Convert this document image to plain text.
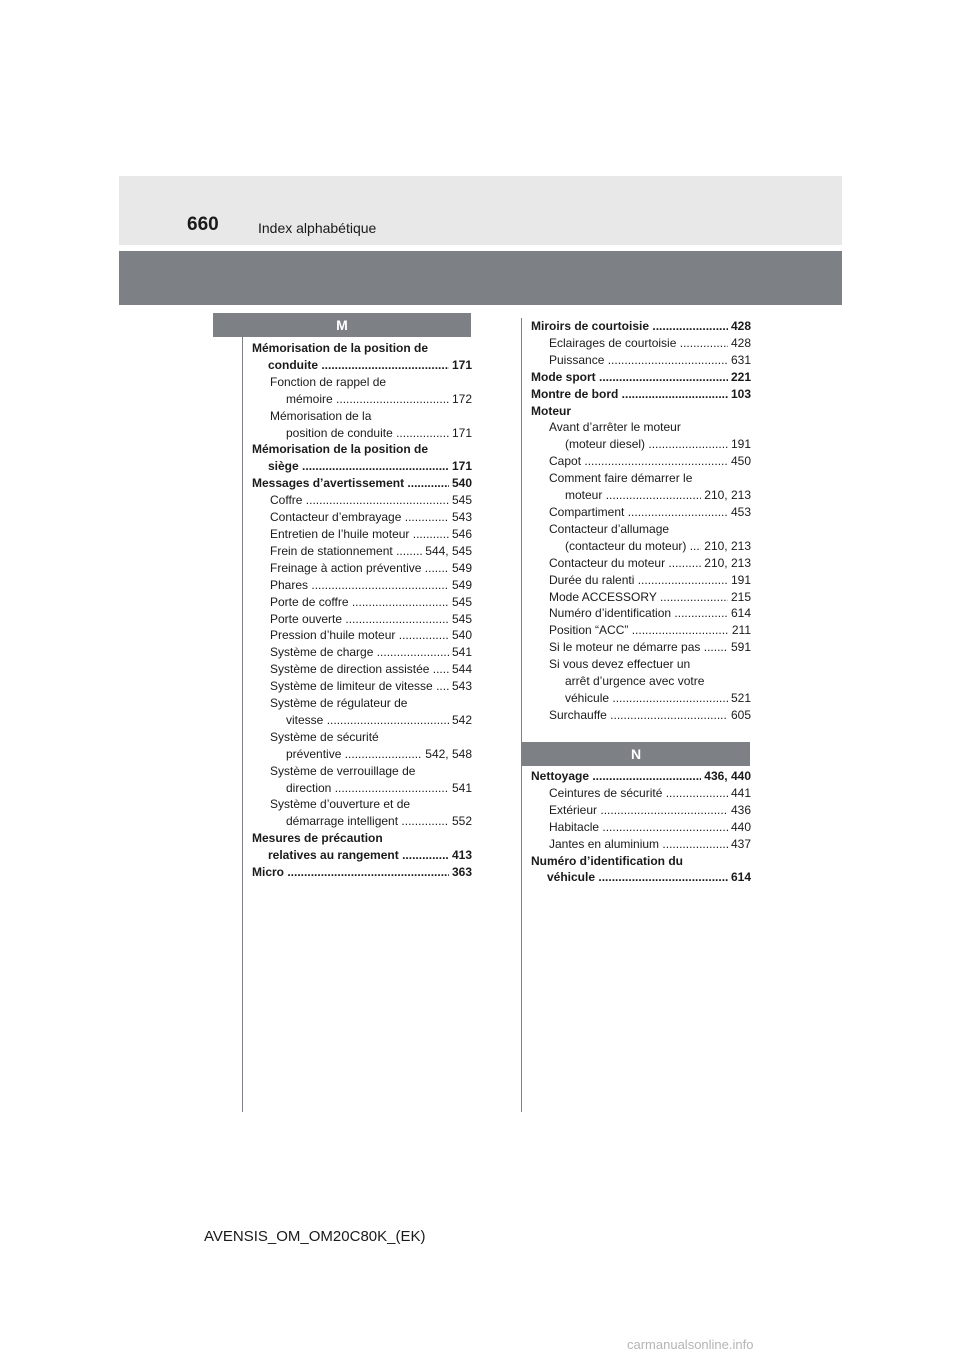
660	Index alphabétique
M
N
Mémorisation de la position de
conduite .....	171
Fonction de rappel de
mémoire .....	172
Mémorisation de la
position de conduite .....	171
Mémorisation de la position de
siège .....	171
Messages d’avertissement .....	540
Coffre .....	545
Contacteur d’embrayage .....	543
Entretien de l’huile moteur .....	546
Frein de stationnement .....	544, 545
Freinage à action préventive .....	549
Phares .....	549
Porte de coffre .....	545
Porte ouverte .....	545
Pression d’huile moteur .....	540
Système de charge .....	541
Système de direction assistée ..... 544
Système de limiteur de vitesse ..... 543
Système de régulateur de
vitesse .....	542
Système de sécurité
préventive .....	542, 548
Système de verrouillage de
direction .....	541
Système d’ouverture et de
démarrage intelligent .....	552
Mesures de précaution
relatives au rangement .....	413
Micro .....	363
Miroirs de courtoisie .....	428
Eclairages de courtoisie .....	428
Puissance .....	631
Mode sport .....	221
Montre de bord .....	103
Moteur
Avant d’arrêter le moteur
(moteur diesel) .....	191
Capot .....	450
Comment faire démarrer le
moteur .....	210, 213
Compartiment .....	453
Contacteur d’allumage
(contacteur du moteur) ..... 210, 213
Contacteur du moteur .....	210, 213
Durée du ralenti .....	191
Mode ACCESSORY .....	215
Numéro d’identification .....	614
Position “ACC” .....	211
Si le moteur ne démarre pas .....	591
Si vous devez effectuer un
arrêt d’urgence avec votre
véhicule .....	521
Surchauffe .....	605
Nettoyage .....	436, 440
Ceintures de sécurité .....	441
Extérieur .....	436
Habitacle .....	440
Jantes en aluminium .....	437
Numéro d’identification du
véhicule .....	614
AVENSIS_OM_OM20C80K_(EK)
carmanualsonline.info
